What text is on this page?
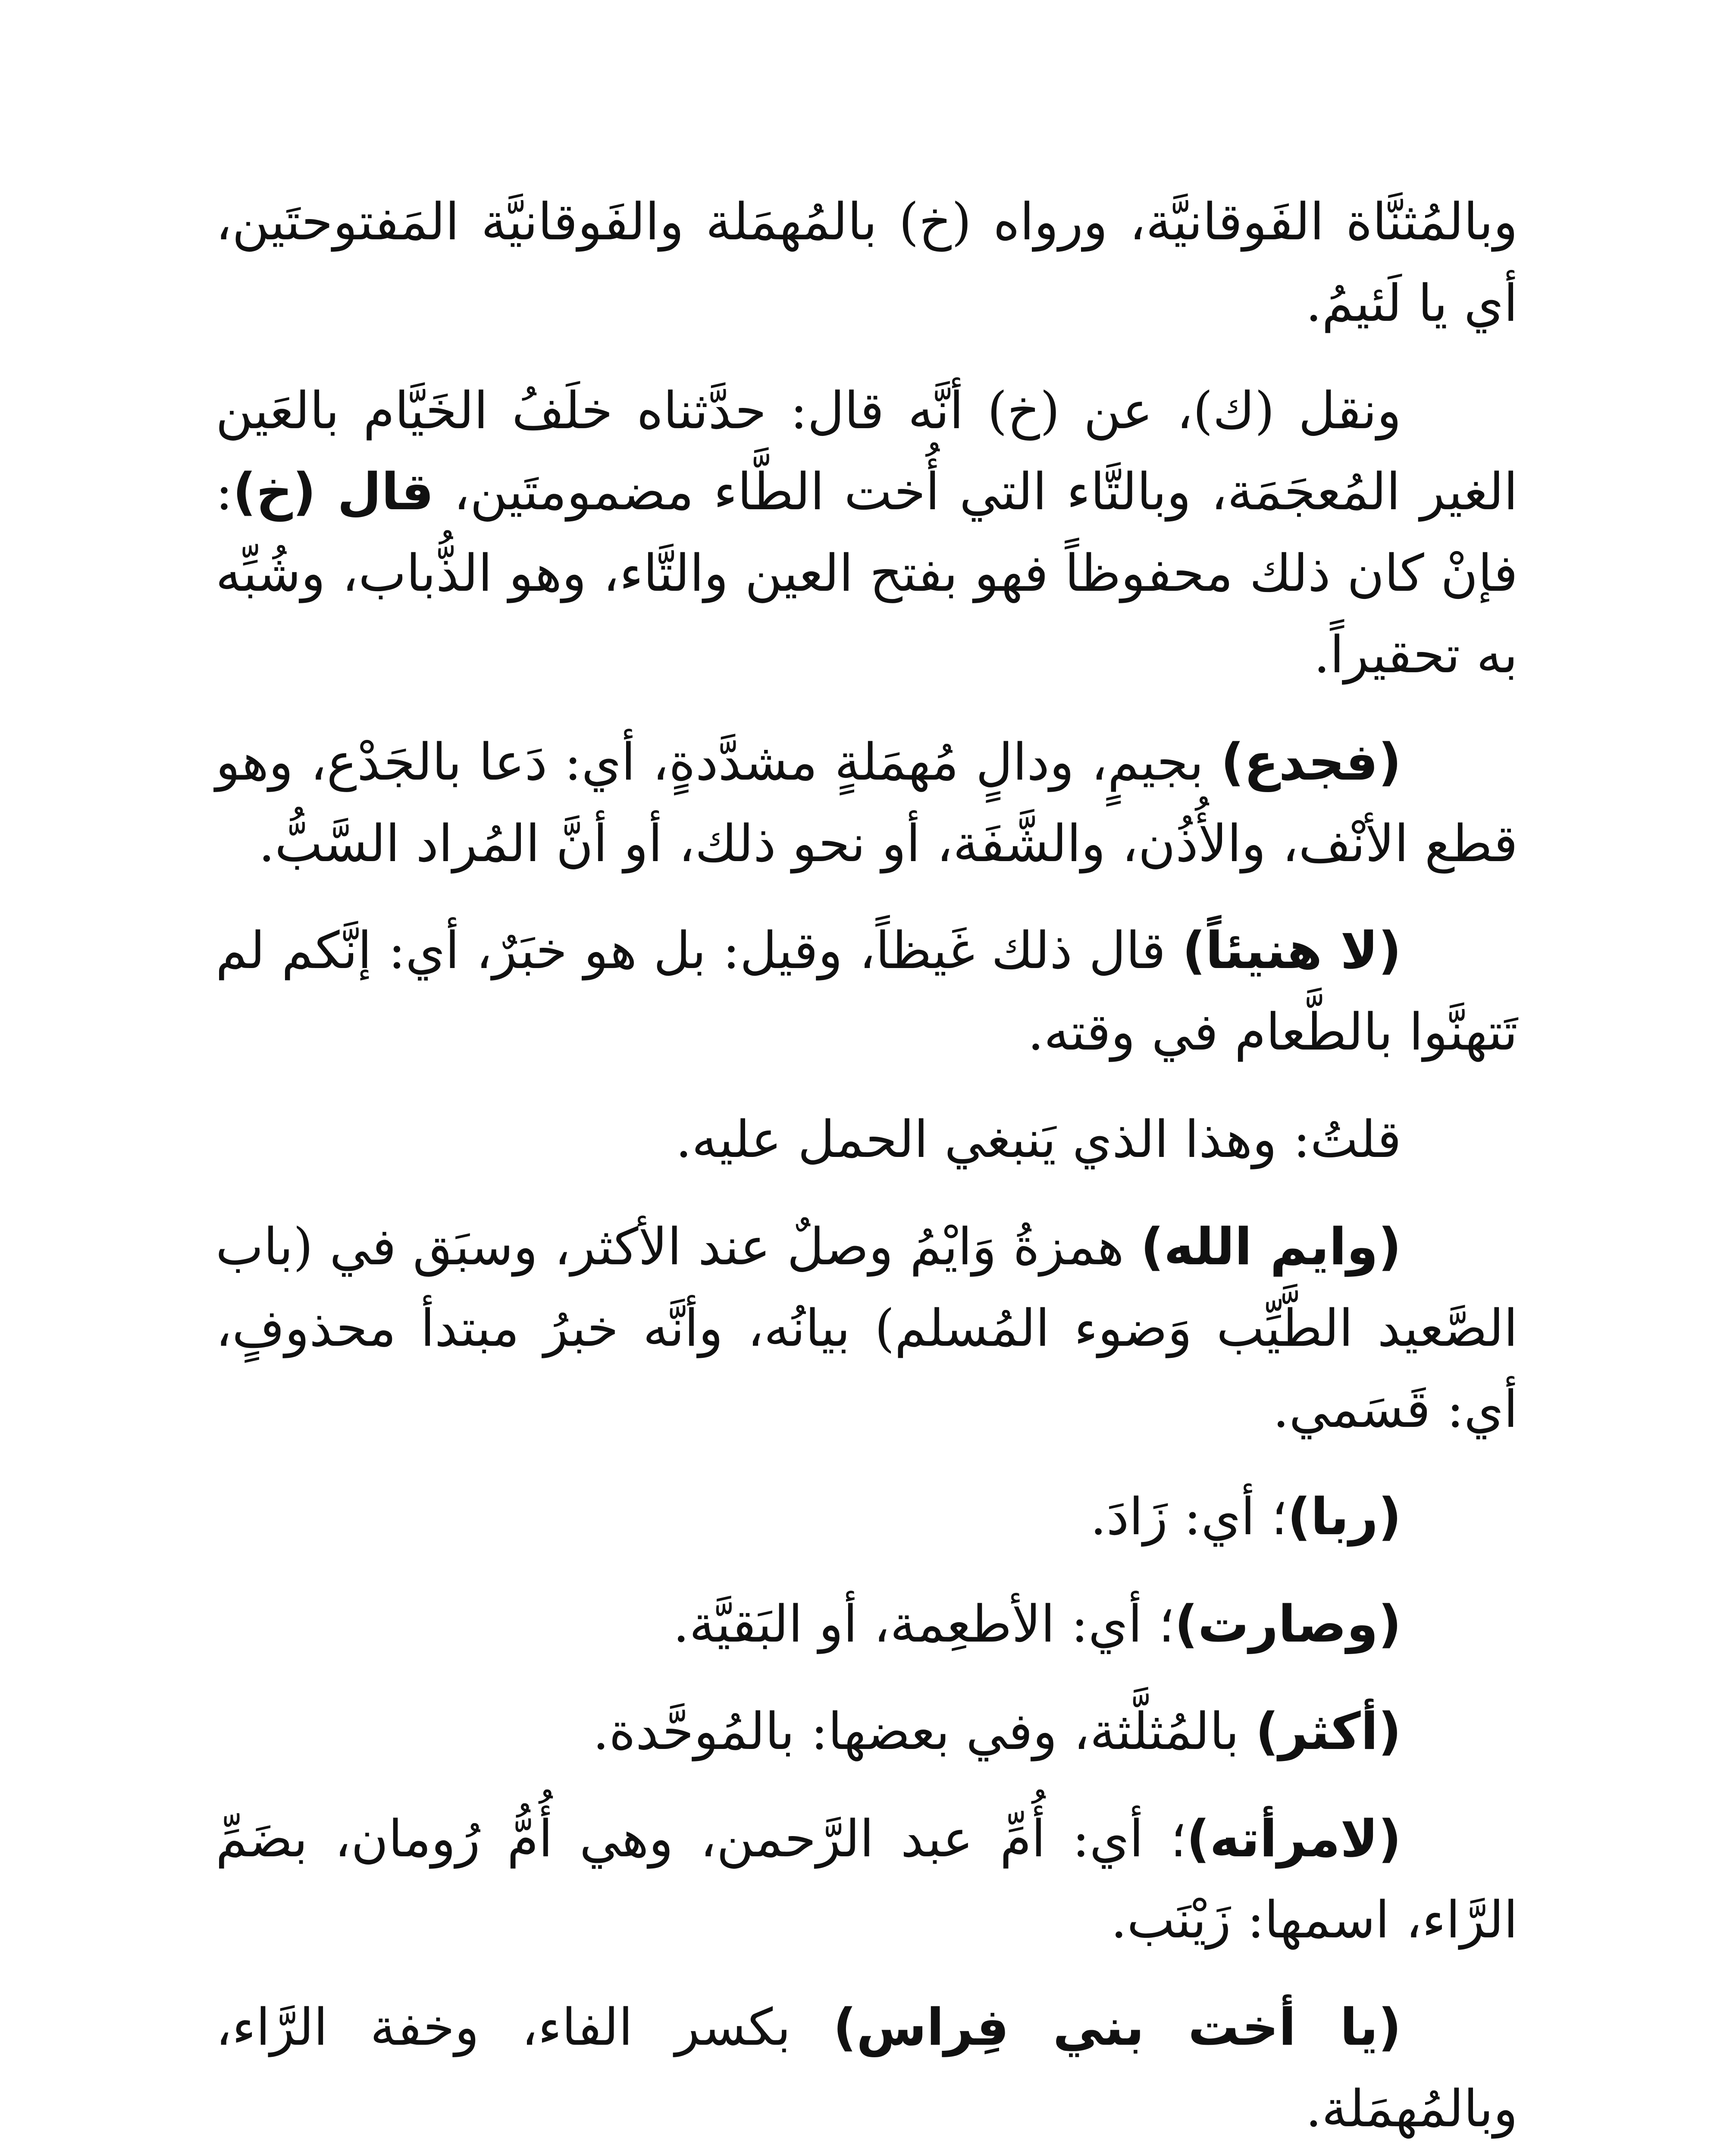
وبالمُثنَّاة الفَوقانيَّة، ورواه (خ) بالمُهمَلة والفَوقانيَّة المَفتوحتَين، أي يا لَئيمُ.

ونقل (ك)، عن (خ) أنَّه قال: حدَّثناه خلَفُ الخَيَّام بالعَين الغير المُعجَمَة، وبالتَّاء التي أُخت الطَّاء مضمومتَين، قال (خ): فإنْ كان ذلك محفوظاً فهو بفتح العين والتَّاء، وهو الذُّباب، وشُبِّه به تحقيراً.

(فجدع) بجيمٍ، ودالٍ مُهمَلةٍ مشدَّدةٍ، أي: دَعا بالجَدْع، وهو قطع الأنْف، والأُذُن، والشَّفَة، أو نحو ذلك، أو أنَّ المُراد السَّبُّ.

(لا هنيئاً) قال ذلك غَيظاً، وقيل: بل هو خبَرٌ، أي: إنَّكم لم تَتهنَّوا بالطَّعام في وقته.

قلتُ: وهذا الذي يَنبغي الحمل عليه.

(وايم الله) همزةُ وَايْمُ وصلٌ عند الأكثر، وسبَق في (باب الصَّعيد الطَّيِّب وَضوء المُسلم) بيانُه، وأنَّه خبرُ مبتدأ محذوفٍ، أي: قَسَمي.

(ربا)؛ أي: زَادَ.

(وصارت)؛ أي: الأطعِمة، أو البَقيَّة.

(أكثر) بالمُثلَّثة، وفي بعضها: بالمُوحَّدة.

(لامرأته)؛ أي: أُمِّ عبد الرَّحمن، وهي أُمُّ رُومان، بضَمِّ الرَّاء، اسمها: زَيْنَب.

(يا أخت بني فِراس) بكسر الفاء، وخفة الرَّاء، وبالمُهمَلة.
